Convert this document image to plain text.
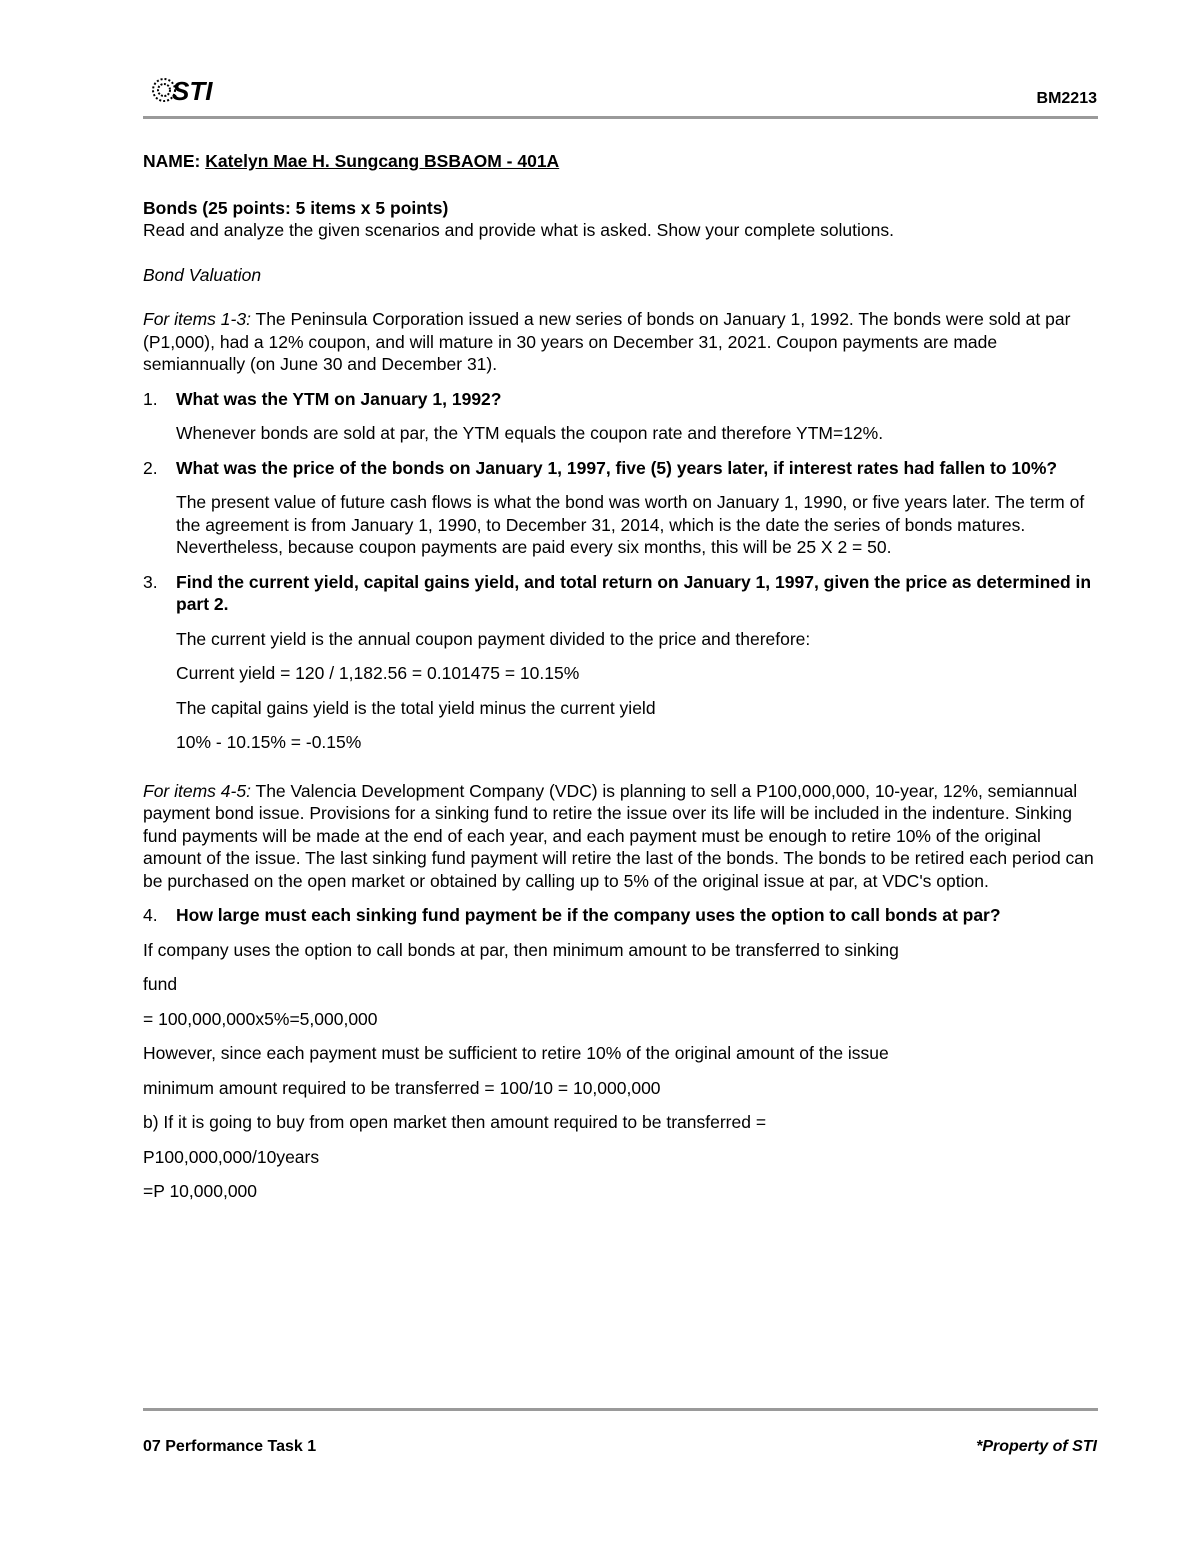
STI	BM2213

NAME: Katelyn Mae H. Sungcang BSBAOM - 401A

Bonds (25 points: 5 items x 5 points)

Read and analyze the given scenarios and provide what is asked. Show your complete solutions.

Bond Valuation

For items 1-3: The Peninsula Corporation issued a new series of bonds on January 1, 1992. The bonds were sold at par (P1,000), had a 12% coupon, and will mature in 30 years on December 31, 2021. Coupon payments are made semiannually (on June 30 and December 31).

1.	What was the YTM on January 1, 1992?

Whenever bonds are sold at par, the YTM equals the coupon rate and therefore YTM=12%.

2.	What was the price of the bonds on January 1, 1997, five (5) years later, if interest rates had fallen to 10%?

The present value of future cash flows is what the bond was worth on January 1, 1990, or five years later. The term of the agreement is from January 1, 1990, to December 31, 2014, which is the date the series of bonds matures. Nevertheless, because coupon payments are paid every six months, this will be 25 X 2 = 50.

3.	Find the current yield, capital gains yield, and total return on January 1, 1997, given the price as determined in part 2.

The current yield is the annual coupon payment divided to the price and therefore:

Current yield = 120 / 1,182.56 = 0.101475 = 10.15%

The capital gains yield is the total yield minus the current yield

10% - 10.15% = -0.15%

For items 4-5: The Valencia Development Company (VDC) is planning to sell a P100,000,000, 10-year, 12%, semiannual payment bond issue. Provisions for a sinking fund to retire the issue over its life will be included in the indenture. Sinking fund payments will be made at the end of each year, and each payment must be enough to retire 10% of the original amount of the issue. The last sinking fund payment will retire the last of the bonds. The bonds to be retired each period can be purchased on the open market or obtained by calling up to 5% of the original issue at par, at VDC's option.

4.	How large must each sinking fund payment be if the company uses the option to call bonds at par?

If company uses the option to call bonds at par, then minimum amount to be transferred to sinking

fund

= 100,000,000x5%=5,000,000

However, since each payment must be sufficient to retire 10% of the original amount of the issue

minimum amount required to be transferred = 100/10 = 10,000,000

b) If it is going to buy from open market then amount required to be transferred =

P100,000,000/10years

=P 10,000,000

07 Performance Task 1	*Property of STI
